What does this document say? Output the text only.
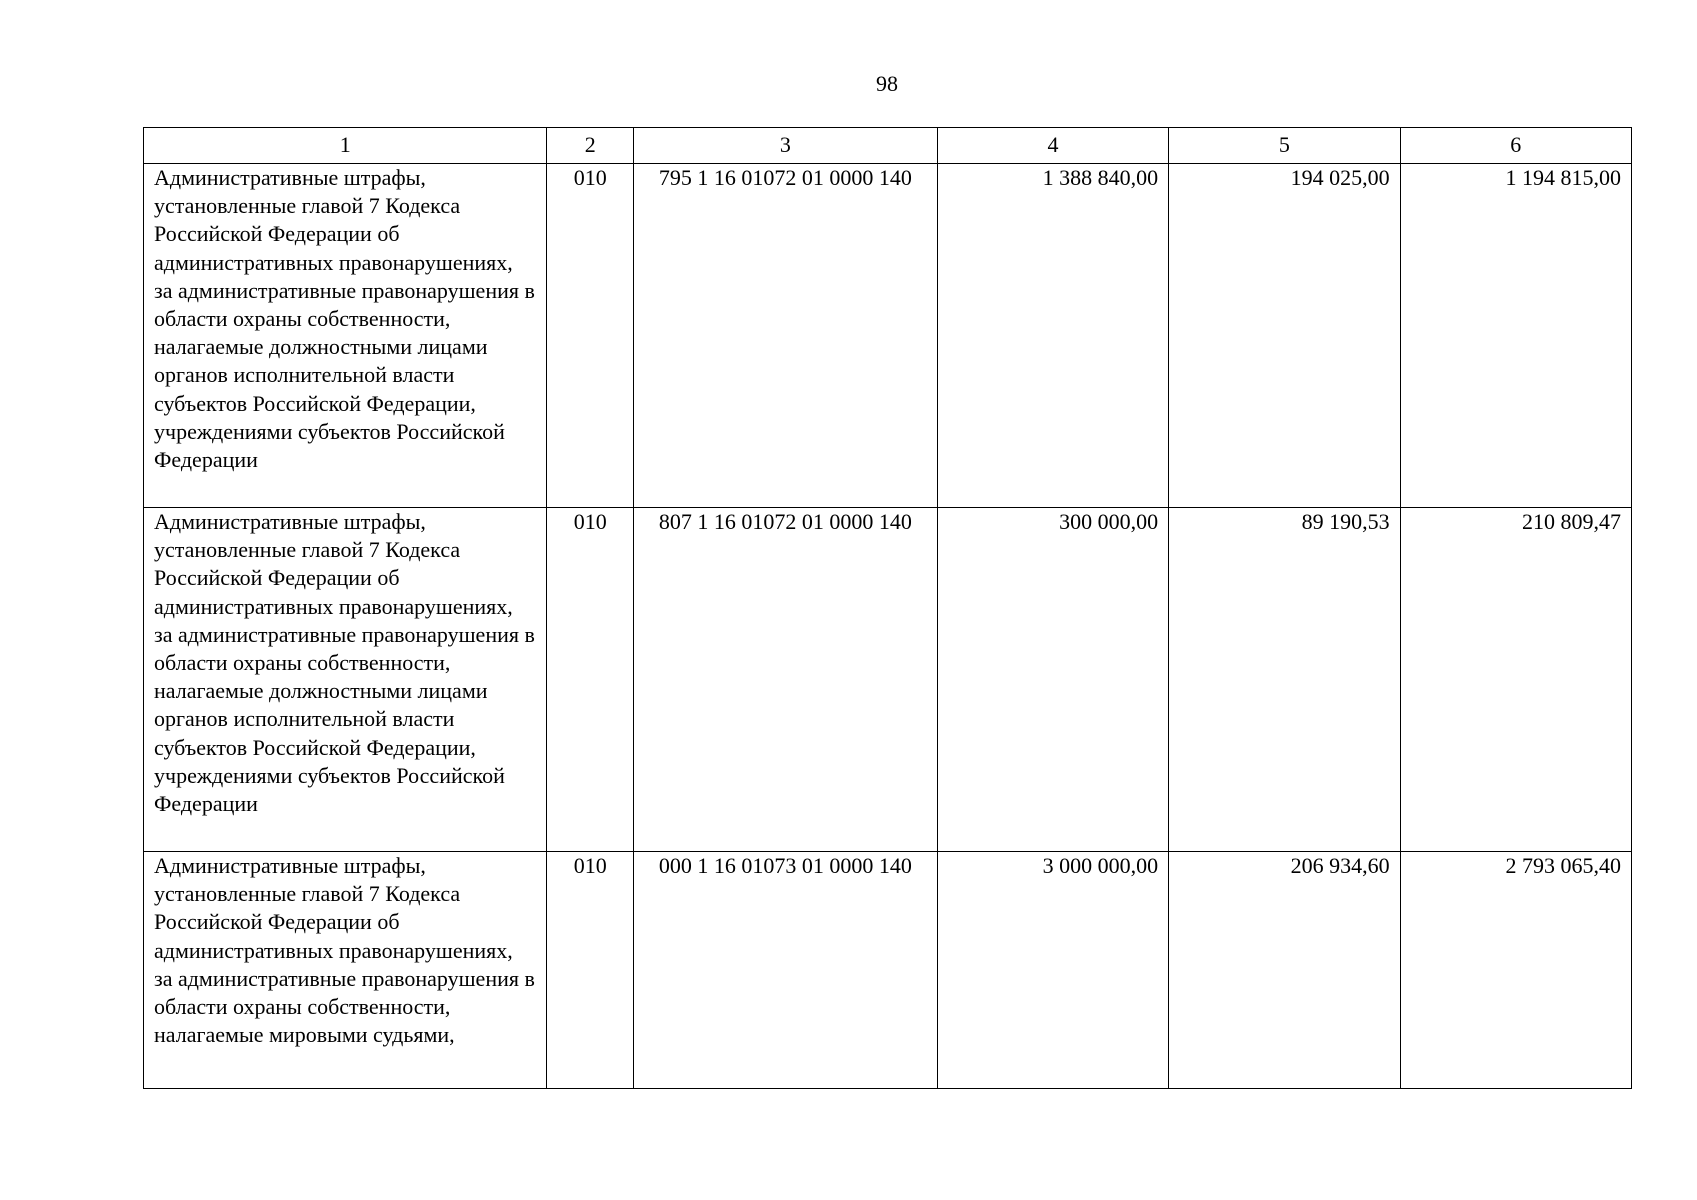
98
1	2	3	4	5	6
Административные штрафы, установленные главой 7 Кодекса Российской Федерации об административных правонарушениях, за административные правонарушения в области охраны собственности, налагаемые должностными лицами органов исполнительной власти субъектов Российской Федерации, учреждениями субъектов Российской Федерации	010	795 1 16 01072 01 0000 140	1 388 840,00	194 025,00	1 194 815,00
Административные штрафы, установленные главой 7 Кодекса Российской Федерации об административных правонарушениях, за административные правонарушения в области охраны собственности, налагаемые должностными лицами органов исполнительной власти субъектов Российской Федерации, учреждениями субъектов Российской Федерации	010	807 1 16 01072 01 0000 140	300 000,00	89 190,53	210 809,47
Административные штрафы, установленные главой 7 Кодекса Российской Федерации об административных правонарушениях, за административные правонарушения в области охраны собственности, налагаемые мировыми судьями,	010	000 1 16 01073 01 0000 140	3 000 000,00	206 934,60	2 793 065,40
